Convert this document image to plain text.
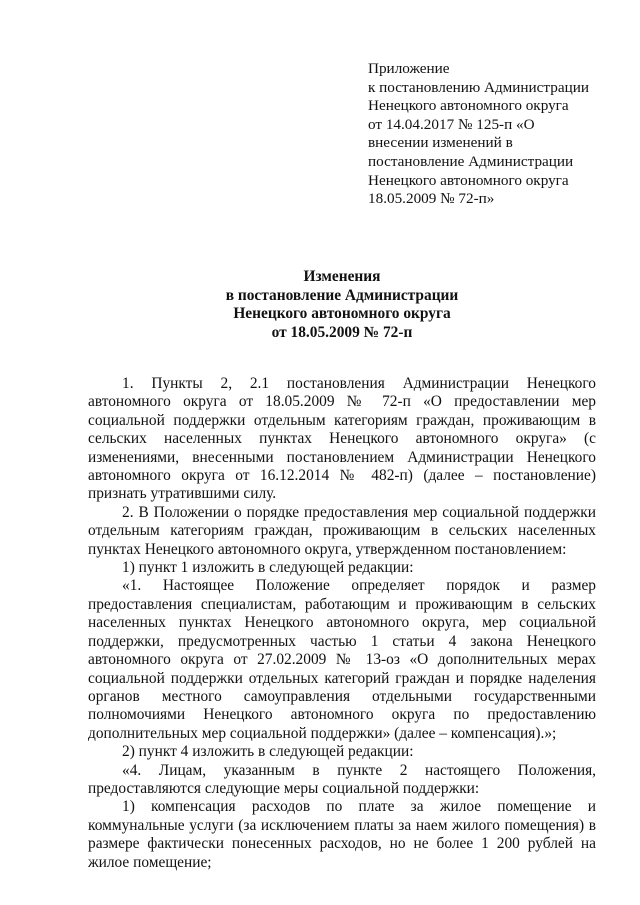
Приложение
к постановлению Администрации
Ненецкого автономного округа
от 14.04.2017 № 125-п «О
внесении изменений в
постановление Администрации
Ненецкого автономного округа
18.05.2009 № 72-п»
Изменения
в постановление Администрации
Ненецкого автономного округа
от 18.05.2009 № 72-п

1. Пункты 2, 2.1 постановления Администрации Ненецкого автономного округа от 18.05.2009 № 72-п «О предоставлении мер социальной поддержки отдельным категориям граждан, проживающим в сельских населенных пунктах Ненецкого автономного округа» (с изменениями, внесенными постановлением Администрации Ненецкого автономного округа от 16.12.2014 № 482-п) (далее – постановление) признать утратившими силу.

2. В Положении о порядке предоставления мер социальной поддержки отдельным категориям граждан, проживающим в сельских населенных пунктах Ненецкого автономного округа, утвержденном постановлением:

1) пункт 1 изложить в следующей редакции:

«1. Настоящее Положение определяет порядок и размер предоставления специалистам, работающим и проживающим в сельских населенных пунктах Ненецкого автономного округа, мер социальной поддержки, предусмотренных частью 1 статьи 4 закона Ненецкого автономного округа от 27.02.2009 № 13-оз «О дополнительных мерах социальной поддержки отдельных категорий граждан и порядке наделения органов местного самоуправления отдельными государственными полномочиями Ненецкого автономного округа по предоставлению дополнительных мер социальной поддержки» (далее – компенсация).»;

2) пункт 4 изложить в следующей редакции:

«4. Лицам, указанным в пункте 2 настоящего Положения, предоставляются следующие меры социальной поддержки:

1) компенсация расходов по плате за жилое помещение и коммунальные услуги (за исключением платы за наем жилого помещения) в размере фактически понесенных расходов, но не более 1 200 рублей на жилое помещение;
